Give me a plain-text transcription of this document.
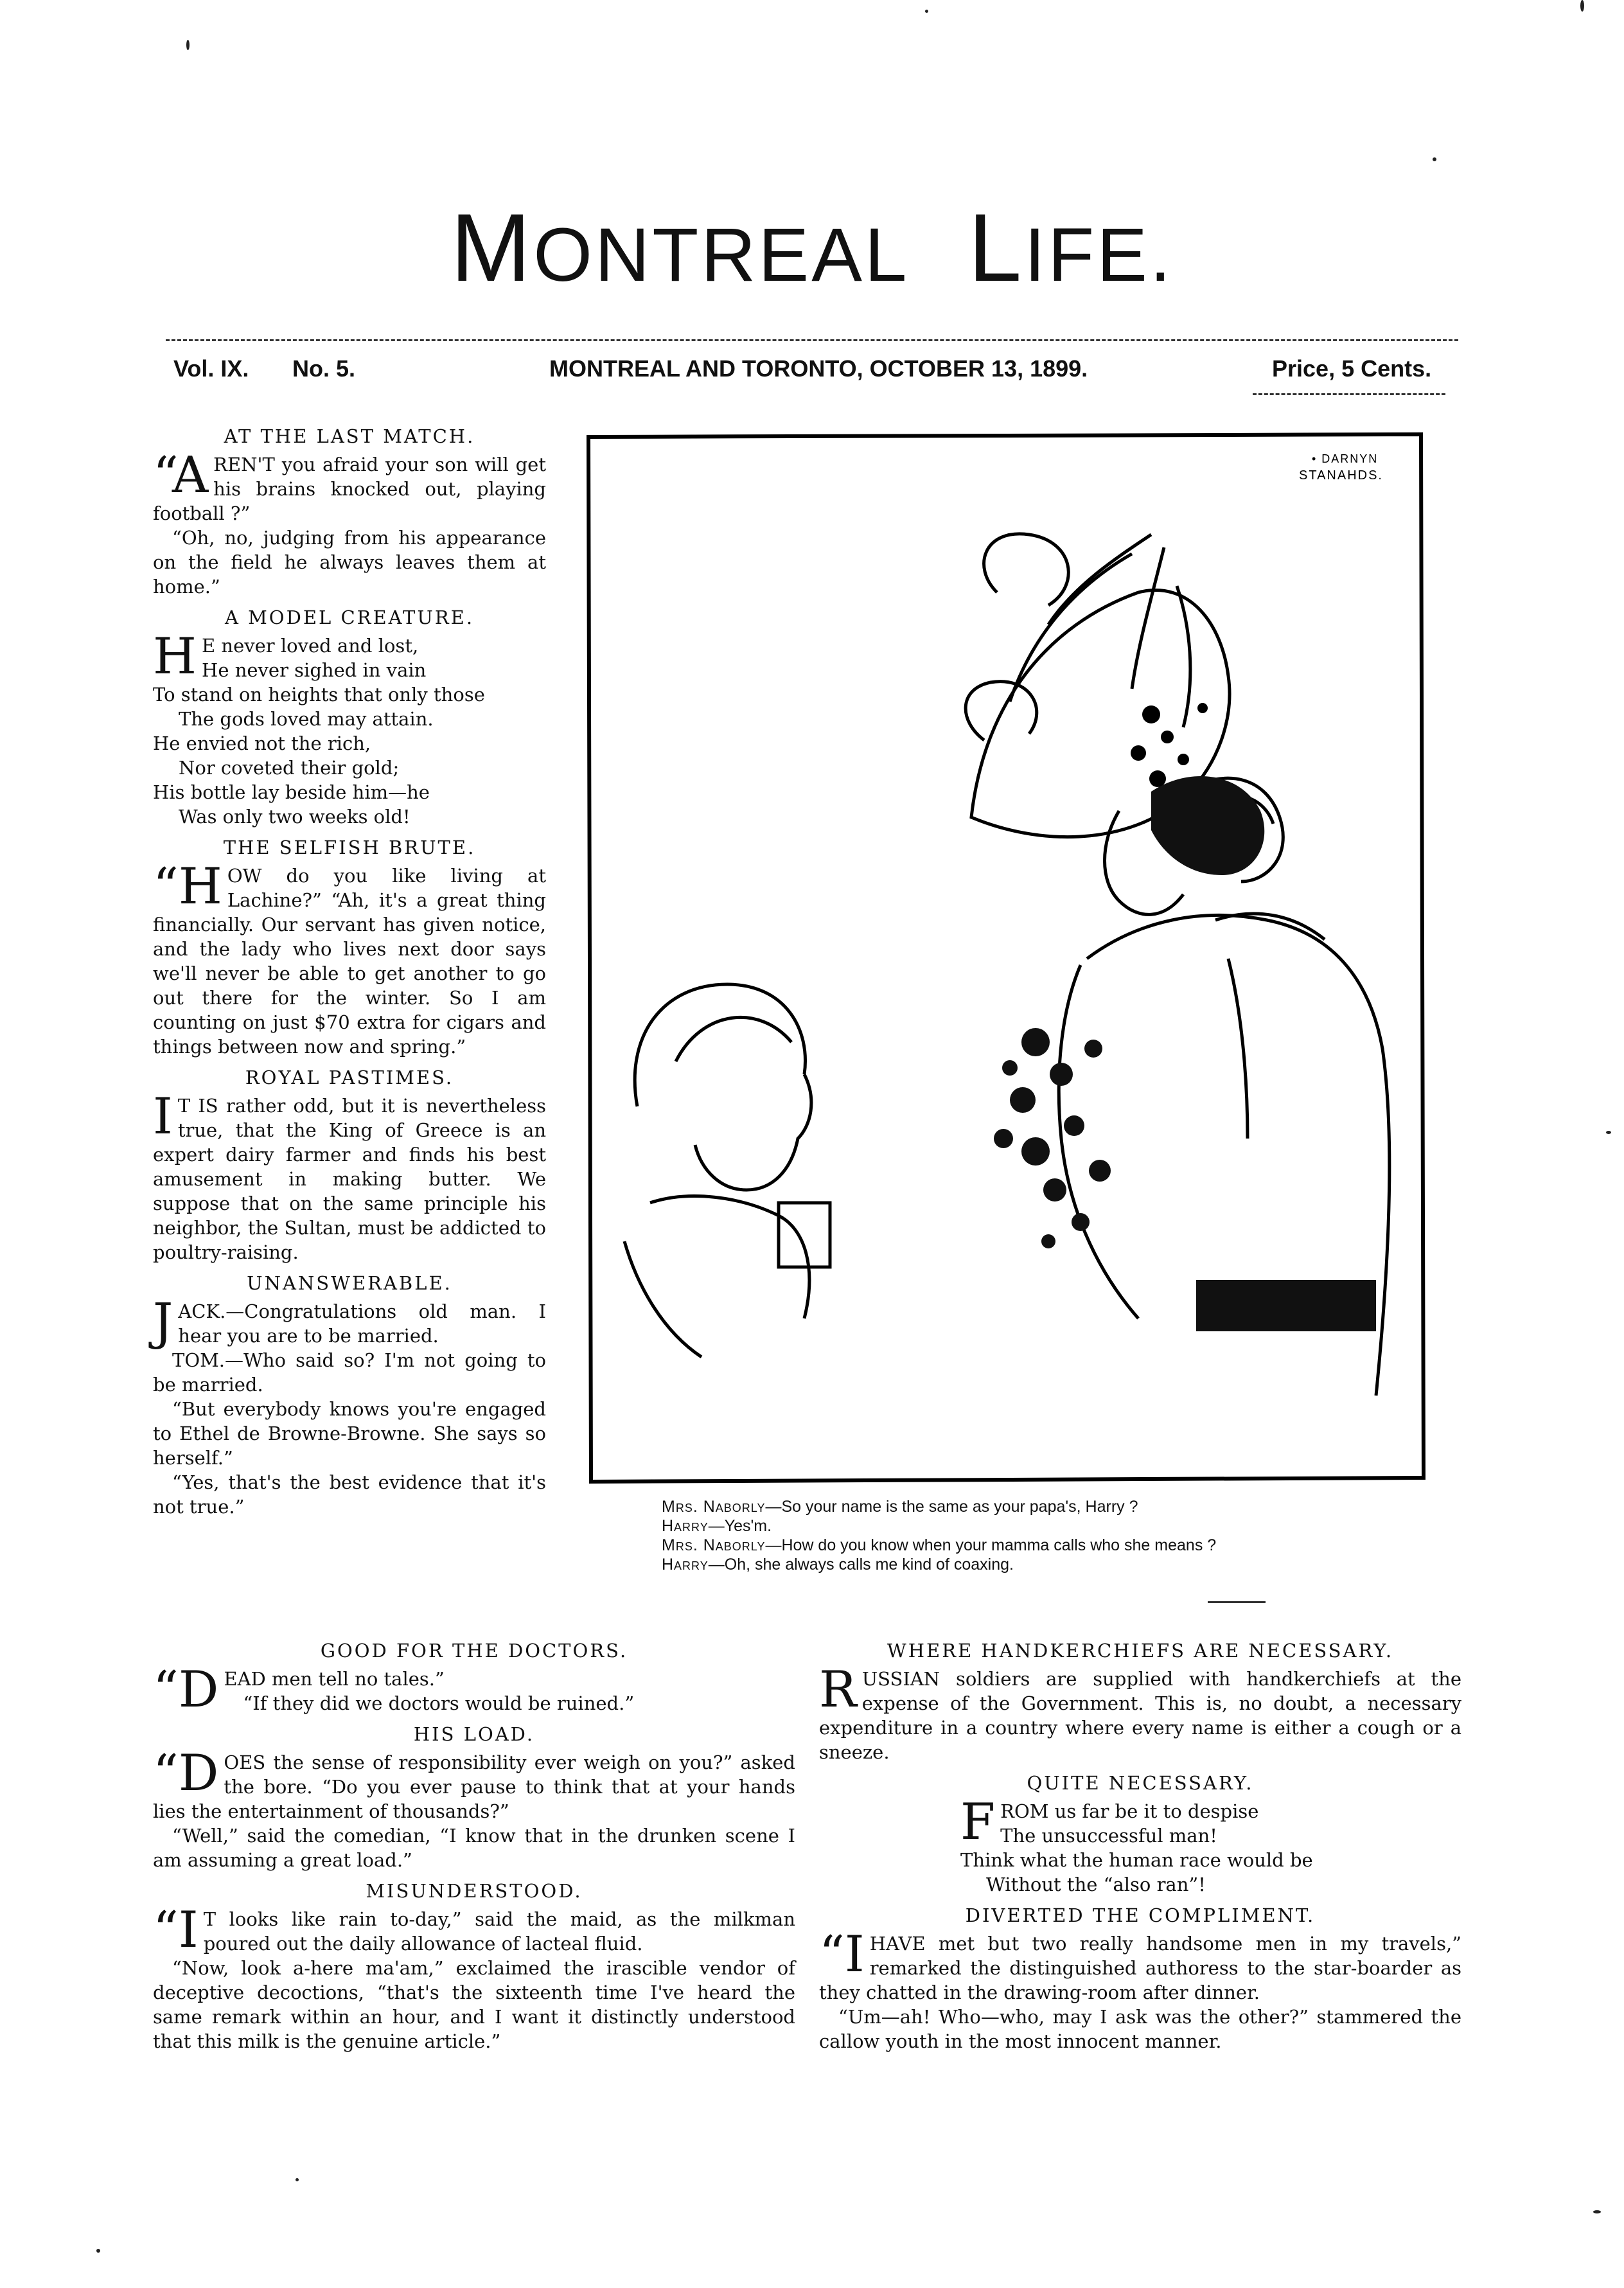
MONTREAL LIFE.
Vol. IX. No. 5.	MONTREAL AND TORONTO, OCTOBER 13, 1899.	Price, 5 Cents.
AT THE LAST MATCH.

“AREN'T you afraid your son will get his brains knocked out, playing football ?”

“Oh, no, judging from his appearance on the field he always leaves them at home.”

A MODEL CREATURE.

H E never loved and lost,

He never sighed in vain

To stand on heights that only those

The gods loved may attain.

He envied not the rich,

Nor coveted their gold;

His bottle lay beside him—he

Was only two weeks old!

THE SELFISH BRUTE.

“HOW do you like living at Lachine?” “Ah, it's a great thing financially. Our servant has given notice, and the lady who lives next door says we'll never be able to get another to go out there for the winter. So I am counting on just $70 extra for cigars and things between now and spring.”

ROYAL PASTIMES.

I T IS rather odd, but it is nevertheless true, that the King of Greece is an expert dairy farmer and finds his best amusement in making butter. We suppose that on the same principle his neighbor, the Sultan, must be addicted to poultry-raising.

UNANSWERABLE.

JACK.—Congratulations old man. I hear you are to be married.

TOM.—Who said so? I'm not going to be married.

“But everybody knows you're engaged to Ethel de Browne-Browne. She says so herself.”

“Yes, that's the best evidence that it's not true.”

• DARNYN
STANAHDS.

Mrs. Naborly—So your name is the same as your papa's, Harry ?

Harry—Yes'm.

Mrs. Naborly—How do you know when your mamma calls who she means ?

Harry—Oh, she always calls me kind of coaxing.

GOOD FOR THE DOCTORS.

“DEAD men tell no tales.”

“If they did we doctors would be ruined.”

HIS LOAD.

“DOES the sense of responsibility ever weigh on you?” asked the bore. “Do you ever pause to think that at your hands lies the entertainment of thousands?”

“Well,” said the comedian, “I know that in the drunken scene I am assuming a great load.”

MISUNDERSTOOD.

“I T looks like rain to-day,” said the maid, as the milkman poured out the daily allowance of lacteal fluid.

“Now, look a-here ma'am,” exclaimed the irascible vendor of deceptive decoctions, “that's the sixteenth time I've heard the same remark within an hour, and I want it distinctly understood that this milk is the genuine article.”

WHERE HANDKERCHIEFS ARE NECESSARY.

RUSSIAN soldiers are supplied with handkerchiefs at the expense of the Government. This is, no doubt, a necessary expenditure in a country where every name is either a cough or a sneeze.

QUITE NECESSARY.

FROM us far be it to despise

The unsuccessful man!

Think what the human race would be

Without the “also ran”!

DIVERTED THE COMPLIMENT.

“IHAVE met but two really handsome men in my travels,” remarked the distinguished authoress to the star-boarder as they chatted in the drawing-room after dinner.

“Um—ah! Who—who, may I ask was the other?” stammered the callow youth in the most innocent manner.
